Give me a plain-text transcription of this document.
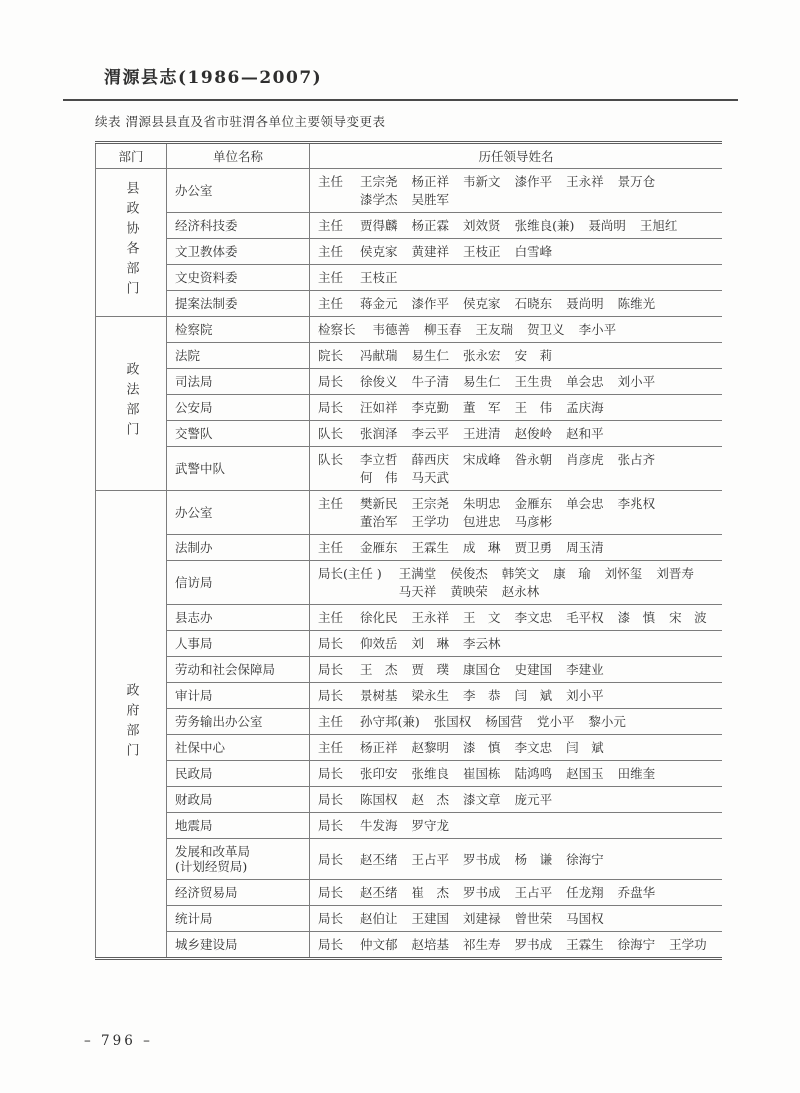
渭源县志(1986—2007)
续表 渭源县县直及省市驻渭各单位主要领导变更表
部门	单位名称	历任领导姓名
县政协各部门	办公室	主任 王宗尧 杨正祥 韦新文 漆作平 王永祥 景万仓
漆学杰 吴胜军

	经济科技委	主任 贾得麟 杨正霖 刘效贤 张维良(兼) 聂尚明 王旭红

	文卫教体委	主任 侯克家 黄建祥 王枝正 白雪峰

	文史资料委	主任 王枝正

	提案法制委	主任 蒋金元 漆作平 侯克家 石晓东 聂尚明 陈维光

政法部门	检察院	检察长 韦德善 柳玉春 王友瑞 贺卫义 李小平

	法院	院长 冯献瑞 易生仁 张永宏 安　莉

	司法局	局长 徐俊义 牛子清 易生仁 王生贵 单会忠 刘小平

	公安局	局长 汪如祥 李克勤 董　军 王　伟 孟庆海

	交警队	队长 张润泽 李云平 王进清 赵俊岭 赵和平

	武警中队	队长 李立哲 薛西庆 宋成峰 昝永朝 肖彦虎 张占齐
何　伟 马天武

政府部门	办公室	主任 樊新民 王宗尧 朱明忠 金雁东 单会忠 李兆权
董治军 王学功 包进忠 马彦彬

	法制办	主任 金雁东 王霖生 成　琳 贾卫勇 周玉清

	信访局	局长(主任 ) 王满堂 侯俊杰 韩笑文 康　瑜 刘怀玺 刘晋寿
马天祥 黄映荣 赵永林

	县志办	主任 徐化民 王永祥 王　文 李文忠 毛平权 漆　慎 宋　波

	人事局	局长 仰效岳 刘　琳 李云林

	劳动和社会保障局	局长 王　杰 贾　璞 康国仓 史建国 李建业

	审计局	局长 景树基 梁永生 李　恭 闫　斌 刘小平

	劳务输出办公室	主任 孙守邦(兼) 张国权 杨国营 党小平 黎小元

	社保中心	主任 杨正祥 赵黎明 漆　慎 李文忠 闫　斌

	民政局	局长 张印安 张维良 崔国栋 陆鸿鸣 赵国玉 田维奎

	财政局	局长 陈国权 赵　杰 漆文章 庞元平

	地震局	局长 牛发海 罗守龙

	发展和改革局
(计划经贸局)	局长 赵丕绪 王占平 罗书成 杨　谦 徐海宁

	经济贸易局	局长 赵丕绪 崔　杰 罗书成 王占平 任龙翔 乔盘华

	统计局	局长 赵伯让 王建国 刘建禄 曾世荣 马国权

	城乡建设局	局长 仲文郁 赵培基 祁生寿 罗书成 王霖生 徐海宁 王学功
– 796 –
